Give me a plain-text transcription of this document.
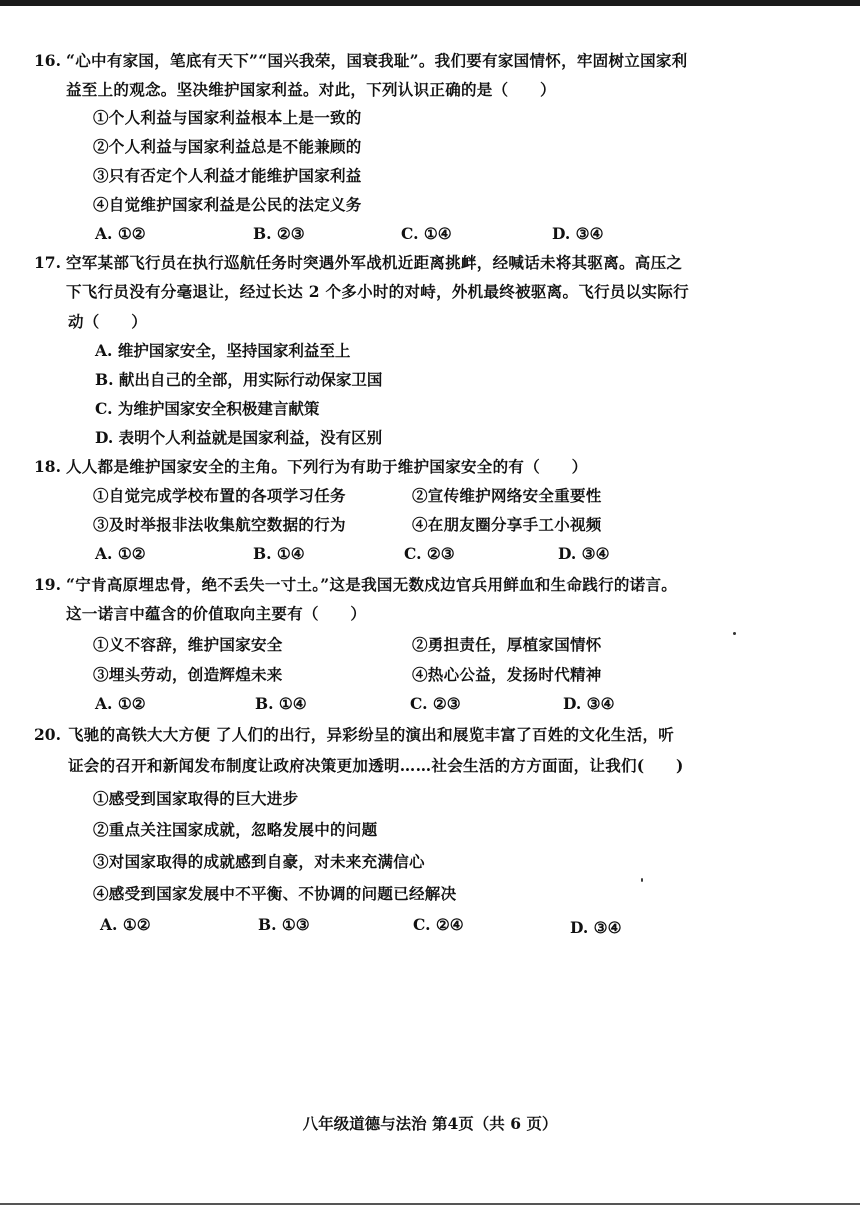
16. “心中有家国，笔底有天下”“国兴我荣，国衰我耻”。我们要有家国情怀，牢固树立国家利
益至上的观念。坚决维护国家利益。对此，下列认识正确的是（　　）
①个人利益与国家利益根本上是一致的
②个人利益与国家利益总是不能兼顾的
③只有否定个人利益才能维护国家利益
④自觉维护国家利益是公民的法定义务
A. ①②	B. ②③	C. ①④	D. ③④
17. 空军某部飞行员在执行巡航任务时突遇外军战机近距离挑衅，经喊话未将其驱离。高压之
下飞行员没有分毫退让，经过长达 2 个多小时的对峙，外机最终被驱离。飞行员以实际行
动（　　）
A. 维护国家安全，坚持国家利益至上
B. 献出自己的全部，用实际行动保家卫国
C. 为维护国家安全积极建言献策
D. 表明个人利益就是国家利益，没有区别
18. 人人都是维护国家安全的主角。下列行为有助于维护国家安全的有（　　）
①自觉完成学校布置的各项学习任务	②宣传维护网络安全重要性
③及时举报非法收集航空数据的行为	④在朋友圈分享手工小视频
A. ①②	B. ①④	C. ②③	D. ③④
19. “宁肯高原埋忠骨，绝不丢失一寸土。”这是我国无数戍边官兵用鲜血和生命践行的诺言。
这一诺言中蕴含的价值取向主要有（　　）
①义不容辞，维护国家安全	②勇担责任，厚植家国情怀
③埋头劳动，创造辉煌未来	④热心公益，发扬时代精神
A. ①②	B. ①④	C. ②③	D. ③④
20. 飞驰的高铁大大方便 了人们的出行，异彩纷呈的演出和展览丰富了百姓的文化生活，听
证会的召开和新闻发布制度让政府决策更加透明……社会生活的方方面面，让我们(　　)
①感受到国家取得的巨大进步
②重点关注国家成就，忽略发展中的问题
③对国家取得的成就感到自豪，对未来充满信心
④感受到国家发展中不平衡、不协调的问题已经解决
A. ①②	B. ①③	C. ②④	D. ③④
八年级道德与法治 第4页（共 6 页）
